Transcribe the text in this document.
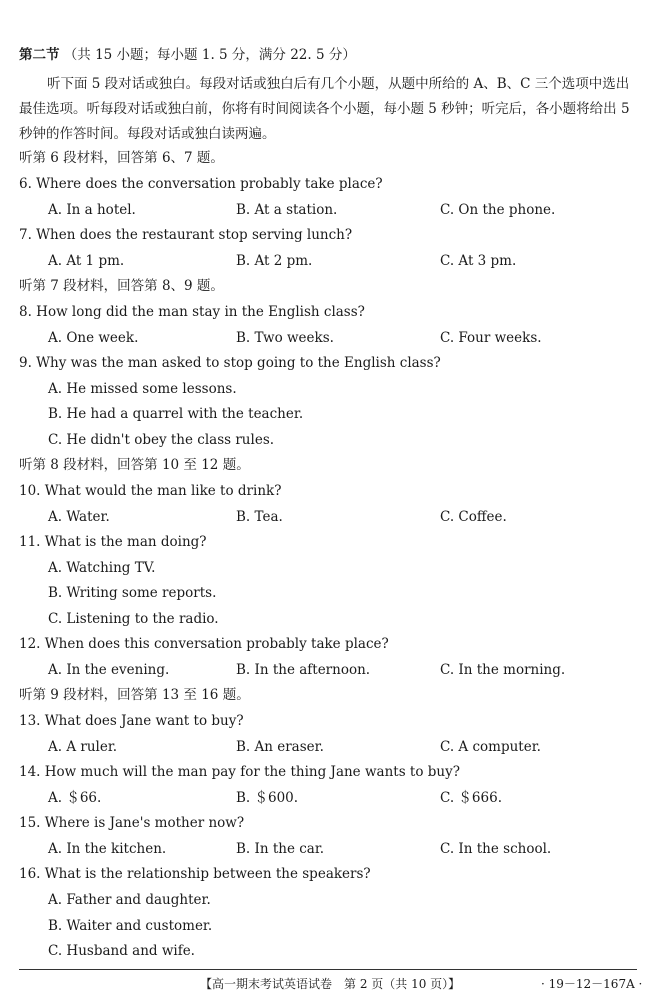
第二节 （共 15 小题；每小题 1. 5 分，满分 22. 5 分）
听下面 5 段对话或独白。每段对话或独白后有几个小题，从题中所给的 A、B、C 三个选项中选出最佳选项。听每段对话或独白前，你将有时间阅读各个小题，每小题 5 秒钟；听完后，各小题将给出 5 秒钟的作答时间。每段对话或独白读两遍。
听第 6 段材料，回答第 6、7 题。
6. Where does the conversation probably take place?
A. In a hotel.	B. At a station.	C. On the phone.
7. When does the restaurant stop serving lunch?
A. At 1 pm.	B. At 2 pm.	C. At 3 pm.
听第 7 段材料，回答第 8、9 题。
8. How long did the man stay in the English class?
A. One week.	B. Two weeks.	C. Four weeks.
9. Why was the man asked to stop going to the English class?
A. He missed some lessons.
B. He had a quarrel with the teacher.
C. He didn't obey the class rules.
听第 8 段材料，回答第 10 至 12 题。
10. What would the man like to drink?
A. Water.	B. Tea.	C. Coffee.
11. What is the man doing?
A. Watching TV.
B. Writing some reports.
C. Listening to the radio.
12. When does this conversation probably take place?
A. In the evening.	B. In the afternoon.	C. In the morning.
听第 9 段材料，回答第 13 至 16 题。
13. What does Jane want to buy?
A. A ruler.	B. An eraser.	C. A computer.
14. How much will the man pay for the thing Jane wants to buy?
A. ＄66.	B. ＄600.	C. ＄666.
15. Where is Jane's mother now?
A. In the kitchen.	B. In the car.	C. In the school.
16. What is the relationship between the speakers?
A. Father and daughter.
B. Waiter and customer.
C. Husband and wife.
【高一期末考试英语试卷　第 2 页（共 10 页）】	· 19－12－167A ·
